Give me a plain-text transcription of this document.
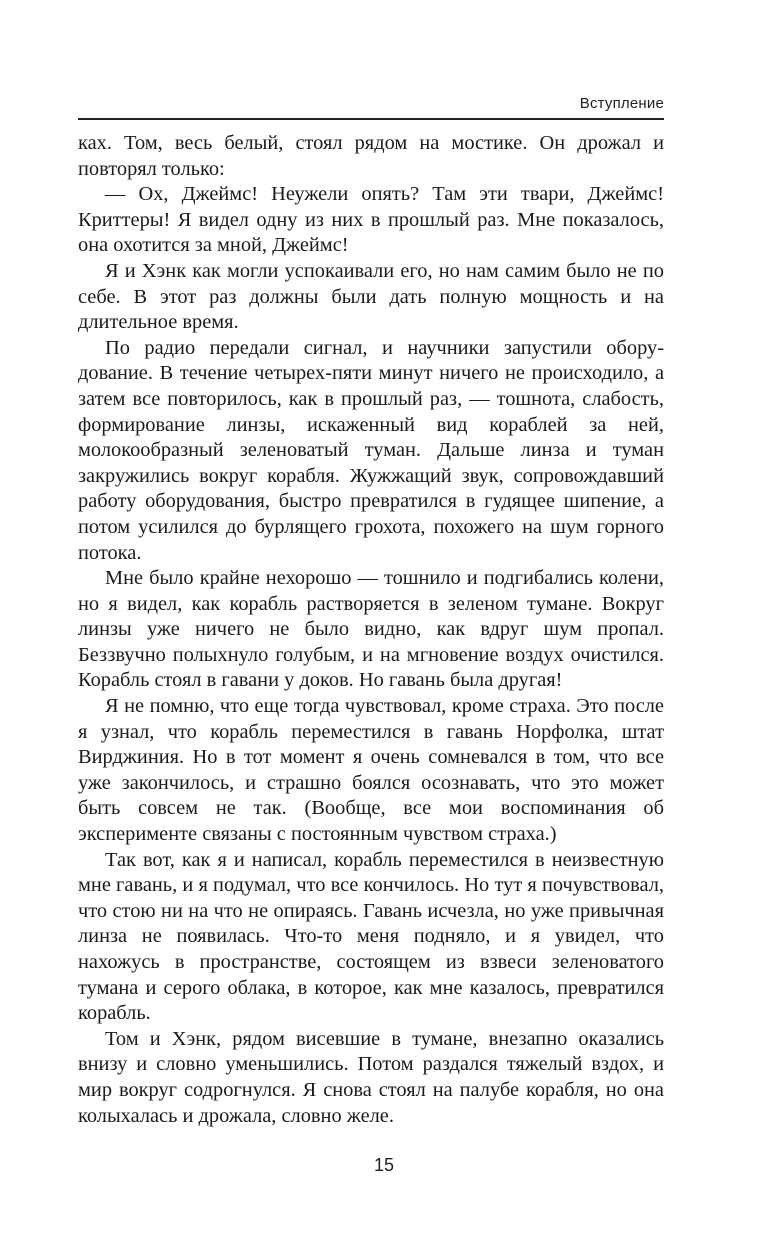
Вступление

ках. Том, весь белый, стоял рядом на мостике. Он дрожал и повторял только:

— Ох, Джеймс! Неужели опять? Там эти твари, Джеймс! Криттеры! Я видел одну из них в прошлый раз. Мне показалось, она охотится за мной, Джеймс!

Я и Хэнк как могли успокаивали его, но нам самим было не по себе. В этот раз должны были дать полную мощность и на длительное время.

По радио передали сигнал, и научники запустили оборудование. В течение четырех-пяти минут ничего не происходило, а затем все повторилось, как в прошлый раз, — тошнота, слабость, формирование линзы, искаженный вид кораблей за ней, молокообразный зеленоватый туман. Дальше линза и туман закружились вокруг корабля. Жужжащий звук, сопровождавший работу оборудования, быстро превратился в гудящее шипение, а потом усилился до бурлящего грохота, похожего на шум горного потока.

Мне было крайне нехорошо — тошнило и подгибались колени, но я видел, как корабль растворяется в зеленом тумане. Вокруг линзы уже ничего не было видно, как вдруг шум пропал. Беззвучно полыхнуло голубым, и на мгновение воздух очистился. Корабль стоял в гавани у доков. Но гавань была другая!

Я не помню, что еще тогда чувствовал, кроме страха. Это после я узнал, что корабль переместился в гавань Норфолка, штат Вирджиния. Но в тот момент я очень сомневался в том, что все уже закончилось, и страшно боялся осознавать, что это может быть совсем не так. (Вообще, все мои воспоминания об эксперименте связаны с постоянным чувством страха.)

Так вот, как я и написал, корабль переместился в неизвестную мне гавань, и я подумал, что все кончилось. Но тут я почувствовал, что стою ни на что не опираясь. Гавань исчезла, но уже привычная линза не появилась. Что-то меня подняло, и я увидел, что нахожусь в пространстве, состоящем из взвеси зеленоватого тумана и серого облака, в которое, как мне казалось, превратился корабль.

Том и Хэнк, рядом висевшие в тумане, внезапно оказались внизу и словно уменьшились. Потом раздался тяжелый вздох, и мир вокруг содрогнулся. Я снова стоял на палубе корабля, но она колыхалась и дрожала, словно желе.

15
